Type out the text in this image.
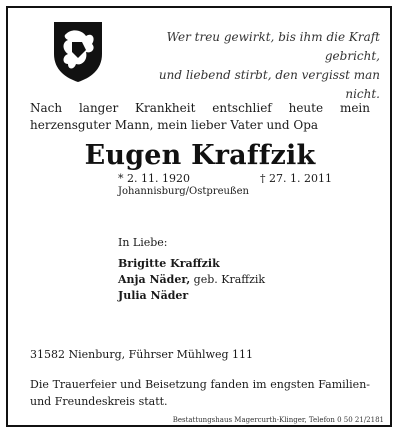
Wer treu gewirkt, bis ihm die Kraft gebricht,
und liebend stirbt, den vergisst man nicht.
Nach langer Krankheit entschlief heute mein herzensguter Mann, mein lieber Vater und Opa
Eugen Kraffzik
* 2. 11. 1920	† 27. 1. 2011
Johannisburg/Ostpreußen
In Liebe:
Brigitte Kraffzik
Anja Näder, geb. Kraffzik
Julia Näder
31582 Nienburg, Führser Mühlweg 111
Die Trauerfeier und Beisetzung fanden im engsten Familien- und Freundeskreis statt.
Bestattungshaus Magercurth-Klinger, Telefon 0 50 21/2181
